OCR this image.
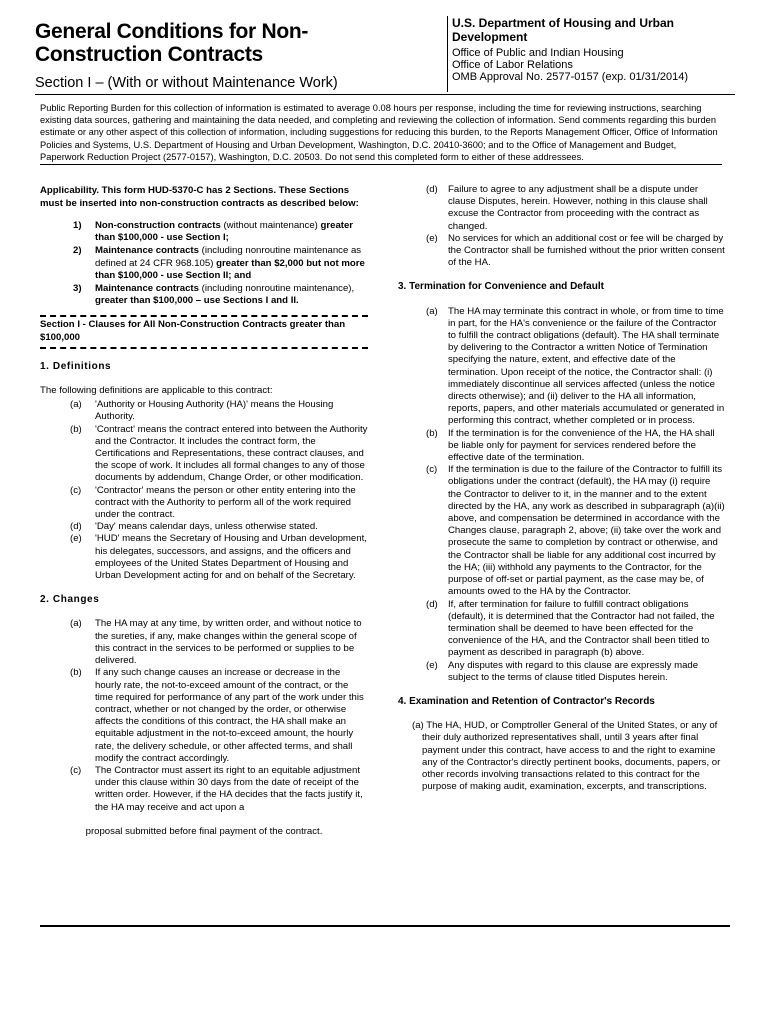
General Conditions for Non-Construction Contracts
Section I – (With or without Maintenance Work)
U.S. Department of Housing and Urban Development
Office of Public and Indian Housing
Office of Labor Relations
OMB Approval No. 2577-0157 (exp. 01/31/2014)
Public Reporting Burden for this collection of information is estimated to average 0.08 hours per response, including the time for reviewing instructions, searching existing data sources, gathering and maintaining the data needed, and completing and reviewing the collection of information. Send comments regarding this burden estimate or any other aspect of this collection of information, including suggestions for reducing this burden, to the Reports Management Officer, Office of Information Policies and Systems, U.S. Department of Housing and Urban Development, Washington, D.C. 20410-3600; and to the Office of Management and Budget, Paperwork Reduction Project (2577-0157), Washington, D.C. 20503. Do not send this completed form to either of these addressees.
Applicability. This form HUD-5370-C has 2 Sections. These Sections must be inserted into non-construction contracts as described below:
1) Non-construction contracts (without maintenance) greater than $100,000 - use Section I;
2) Maintenance contracts (including nonroutine maintenance as defined at 24 CFR 968.105) greater than $2,000 but not more than $100,000 - use Section II; and
3) Maintenance contracts (including nonroutine maintenance), greater than $100,000 – use Sections I and II.
Section I - Clauses for All Non-Construction Contracts greater than $100,000
1. Definitions
The following definitions are applicable to this contract:
(a) 'Authority or Housing Authority (HA)' means the Housing Authority.
(b) 'Contract' means the contract entered into between the Authority and the Contractor. It includes the contract form, the Certifications and Representations, these contract clauses, and the scope of work. It includes all formal changes to any of those documents by addendum, Change Order, or other modification.
(c) 'Contractor' means the person or other entity entering into the contract with the Authority to perform all of the work required under the contract.
(d) 'Day' means calendar days, unless otherwise stated.
(e) 'HUD' means the Secretary of Housing and Urban development, his delegates, successors, and assigns, and the officers and employees of the United States Department of Housing and Urban Development acting for and on behalf of the Secretary.
2. Changes
(a) The HA may at any time, by written order, and without notice to the sureties, if any, make changes within the general scope of this contract in the services to be performed or supplies to be delivered.
(b) If any such change causes an increase or decrease in the hourly rate, the not-to-exceed amount of the contract, or the time required for performance of any part of the work under this contract, whether or not changed by the order, or otherwise affects the conditions of this contract, the HA shall make an equitable adjustment in the not-to-exceed amount, the hourly rate, the delivery schedule, or other affected terms, and shall modify the contract accordingly.
(c) The Contractor must assert its right to an equitable adjustment under this clause within 30 days from the date of receipt of the written order. However, if the HA decides that the facts justify it, the HA may receive and act upon a
proposal submitted before final payment of the contract.
(d) Failure to agree to any adjustment shall be a dispute under clause Disputes, herein. However, nothing in this clause shall excuse the Contractor from proceeding with the contract as changed.
(e) No services for which an additional cost or fee will be charged by the Contractor shall be furnished without the prior written consent of the HA.
3. Termination for Convenience and Default
(a) The HA may terminate this contract in whole, or from time to time in part, for the HA's convenience or the failure of the Contractor to fulfill the contract obligations (default). The HA shall terminate by delivering to the Contractor a written Notice of Termination specifying the nature, extent, and effective date of the termination. Upon receipt of the notice, the Contractor shall: (i) immediately discontinue all services affected (unless the notice directs otherwise); and (ii) deliver to the HA all information, reports, papers, and other materials accumulated or generated in performing this contract, whether completed or in process.
(b) If the termination is for the convenience of the HA, the HA shall be liable only for payment for services rendered before the effective date of the termination.
(c) If the termination is due to the failure of the Contractor to fulfill its obligations under the contract (default), the HA may (i) require the Contractor to deliver to it, in the manner and to the extent directed by the HA, any work as described in subparagraph (a)(ii) above, and compensation be determined in accordance with the Changes clause, paragraph 2, above; (ii) take over the work and prosecute the same to completion by contract or otherwise, and the Contractor shall be liable for any additional cost incurred by the HA; (iii) withhold any payments to the Contractor, for the purpose of off-set or partial payment, as the case may be, of amounts owed to the HA by the Contractor.
(d) If, after termination for failure to fulfill contract obligations (default), it is determined that the Contractor had not failed, the termination shall be deemed to have been effected for the convenience of the HA, and the Contractor shall been titled to payment as described in paragraph (b) above.
(e) Any disputes with regard to this clause are expressly made subject to the terms of clause titled Disputes herein.
4. Examination and Retention of Contractor's Records
(a) The HA, HUD, or Comptroller General of the United States, or any of their duly authorized representatives shall, until 3 years after final payment under this contract, have access to and the right to examine any of the Contractor's directly pertinent books, documents, papers, or other records involving transactions related to this contract for the purpose of making audit, examination, excerpts, and transcriptions.
